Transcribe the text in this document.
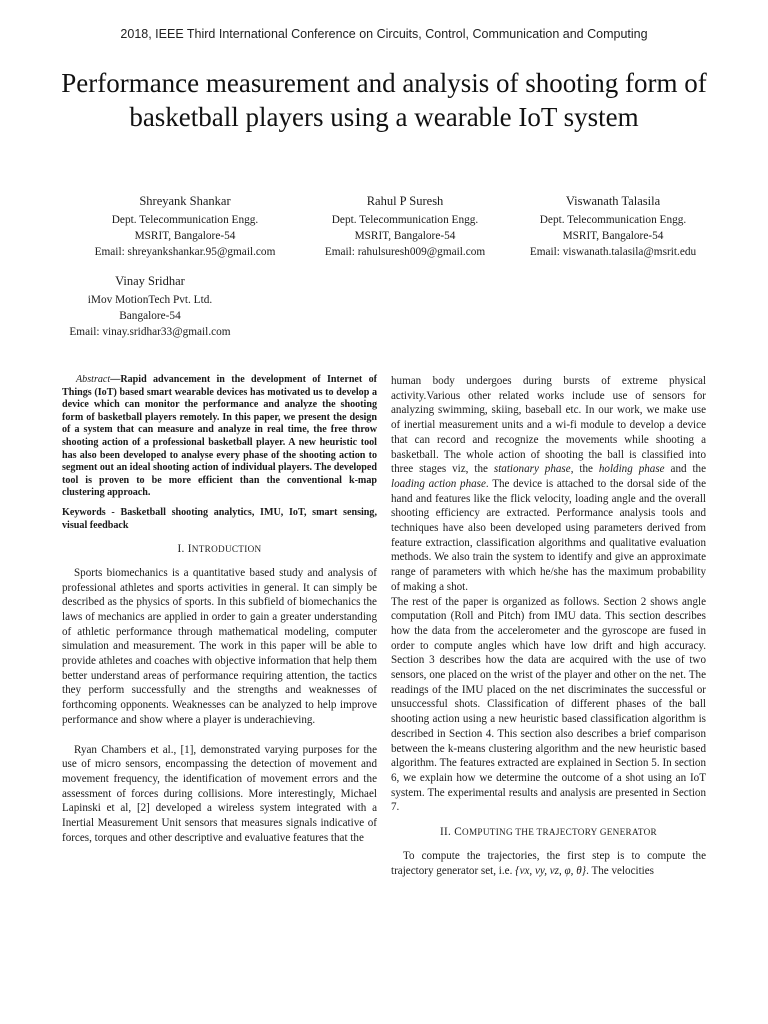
2018, IEEE Third International Conference on Circuits, Control, Communication and Computing
Performance measurement and analysis of shooting form of basketball players using a wearable IoT system
Shreyank Shankar
Dept. Telecommunication Engg.
MSRIT, Bangalore-54
Email: shreyankshankar.95@gmail.com
Rahul P Suresh
Dept. Telecommunication Engg.
MSRIT, Bangalore-54
Email: rahulsuresh009@gmail.com
Viswanath Talasila
Dept. Telecommunication Engg.
MSRIT, Bangalore-54
Email: viswanath.talasila@msrit.edu
Vinay Sridhar
iMov MotionTech Pvt. Ltd.
Bangalore-54
Email: vinay.sridhar33@gmail.com

Abstract—Rapid advancement in the development of Internet of Things (IoT) based smart wearable devices has motivated us to develop a device which can monitor the performance and analyze the shooting form of basketball players remotely. In this paper, we present the design of a system that can measure and analyze in real time, the free throw shooting action of a professional basketball player. A new heuristic tool has also been developed to analyse every phase of the shooting action to segment out an ideal shooting action of individual players. The developed tool is proven to be more efficient than the conventional k-map clustering approach.

Keywords - Basketball shooting analytics, IMU, IoT, smart sensing, visual feedback

I. INTRODUCTION

Sports biomechanics is a quantitative based study and analysis of professional athletes and sports activities in general. It can simply be described as the physics of sports. In this subfield of biomechanics the laws of mechanics are applied in order to gain a greater understanding of athletic performance through mathematical modeling, computer simulation and measurement. The work in this paper will be able to provide athletes and coaches with objective information that help them better understand areas of performance requiring attention, the tactics they perform successfully and the strengths and weaknesses of forthcoming opponents. Weaknesses can be analyzed to help improve performance and show where a player is underachieving.

Ryan Chambers et al., [1], demonstrated varying purposes for the use of micro sensors, encompassing the detection of movement and movement frequency, the identification of movement errors and the assessment of forces during collisions. More interestingly, Michael Lapinski et al, [2] developed a wireless system integrated with a Inertial Measurement Unit sensors that measures signals indicative of forces, torques and other descriptive and evaluative features that the

human body undergoes during bursts of extreme physical activity.Various other related works include use of sensors for analyzing swimming, skiing, baseball etc. In our work, we make use of inertial measurement units and a wi-fi module to develop a device that can record and recognize the movements while shooting a basketball. The whole action of shooting the ball is classified into three stages viz, the stationary phase, the holding phase and the loading action phase. The device is attached to the dorsal side of the hand and features like the flick velocity, loading angle and the overall shooting efficiency are extracted. Performance analysis tools and techniques have also been developed using parameters derived from feature extraction, classification algorithms and qualitative evaluation methods. We also train the system to identify and give an approximate range of parameters with which he/she has the maximum probability of making a shot.

The rest of the paper is organized as follows. Section 2 shows angle computation (Roll and Pitch) from IMU data. This section describes how the data from the accelerometer and the gyroscope are fused in order to compute angles which have low drift and high accuracy. Section 3 describes how the data are acquired with the use of two sensors, one placed on the wrist of the player and other on the net. The readings of the IMU placed on the net discriminates the successful or unsuccessful shots. Classification of different phases of the ball shooting action using a new heuristic based classification algorithm is described in Section 4. This section also describes a brief comparison between the k-means clustering algorithm and the new heuristic based algorithm. The features extracted are explained in Section 5. In section 6, we explain how we determine the outcome of a shot using an IoT system. The experimental results and analysis are presented in Section 7.

II. COMPUTING THE TRAJECTORY GENERATOR

To compute the trajectories, the first step is to compute the trajectory generator set, i.e. {vx, vy, vz, φ, θ}. The velocities
